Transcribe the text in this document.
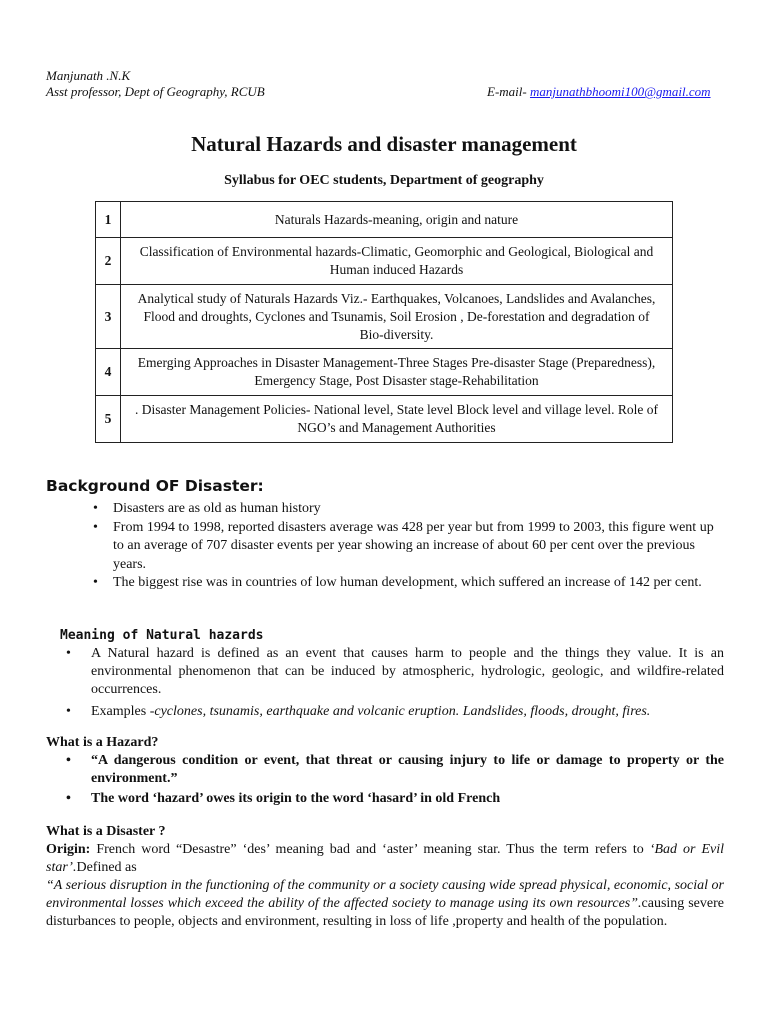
Manjunath .N.K
Asst professor, Dept of Geography, RCUB	E-mail- manjunathbhoomi100@gmail.com
Natural Hazards and disaster management
Syllabus for OEC students, Department of geography
1	Naturals Hazards-meaning, origin and nature
2	Classification of Environmental hazards-Climatic, Geomorphic and Geological, Biological and Human induced Hazards
3	Analytical study of Naturals Hazards Viz.- Earthquakes, Volcanoes, Landslides and Avalanches, Flood and droughts, Cyclones and Tsunamis, Soil Erosion , De-forestation and degradation of Bio-diversity.
4	Emerging Approaches in Disaster Management-Three Stages Pre-disaster Stage (Preparedness), Emergency Stage, Post Disaster stage-Rehabilitation
5	. Disaster Management Policies- National level, State level Block level and village level. Role of NGO’s and Management Authorities
Background OF Disaster:
• Disasters are as old as human history
• From 1994 to 1998, reported disasters average was 428 per year but from 1999 to 2003, this figure went up to an average of 707 disaster events per year showing an increase of about 60 per cent over the previous years.
• The biggest rise was in countries of low human development, which suffered an increase of 142 per cent.
Meaning of Natural hazards
• A Natural hazard is defined as an event that causes harm to people and the things they value. It is an environmental phenomenon that can be induced by atmospheric, hydrologic, geologic, and wildfire-related occurrences.
• Examples -cyclones, tsunamis, earthquake and volcanic eruption. Landslides, floods, drought, fires.
What is a Hazard?
• “A dangerous condition or event, that threat or causing injury to life or damage to property or the environment.”
• The word ‘hazard’ owes its origin to the word ‘hasard’ in old French
What is a Disaster ?
Origin: French word “Desastre” ‘des’ meaning bad and ‘aster’ meaning star. Thus the term refers to ‘Bad or Evil star’.Defined as
“A serious disruption in the functioning of the community or a society causing wide spread physical, economic, social or environmental losses which exceed the ability of the affected society to manage using its own resources”.causing severe disturbances to people, objects and environment, resulting in loss of life ,property and health of the population.
